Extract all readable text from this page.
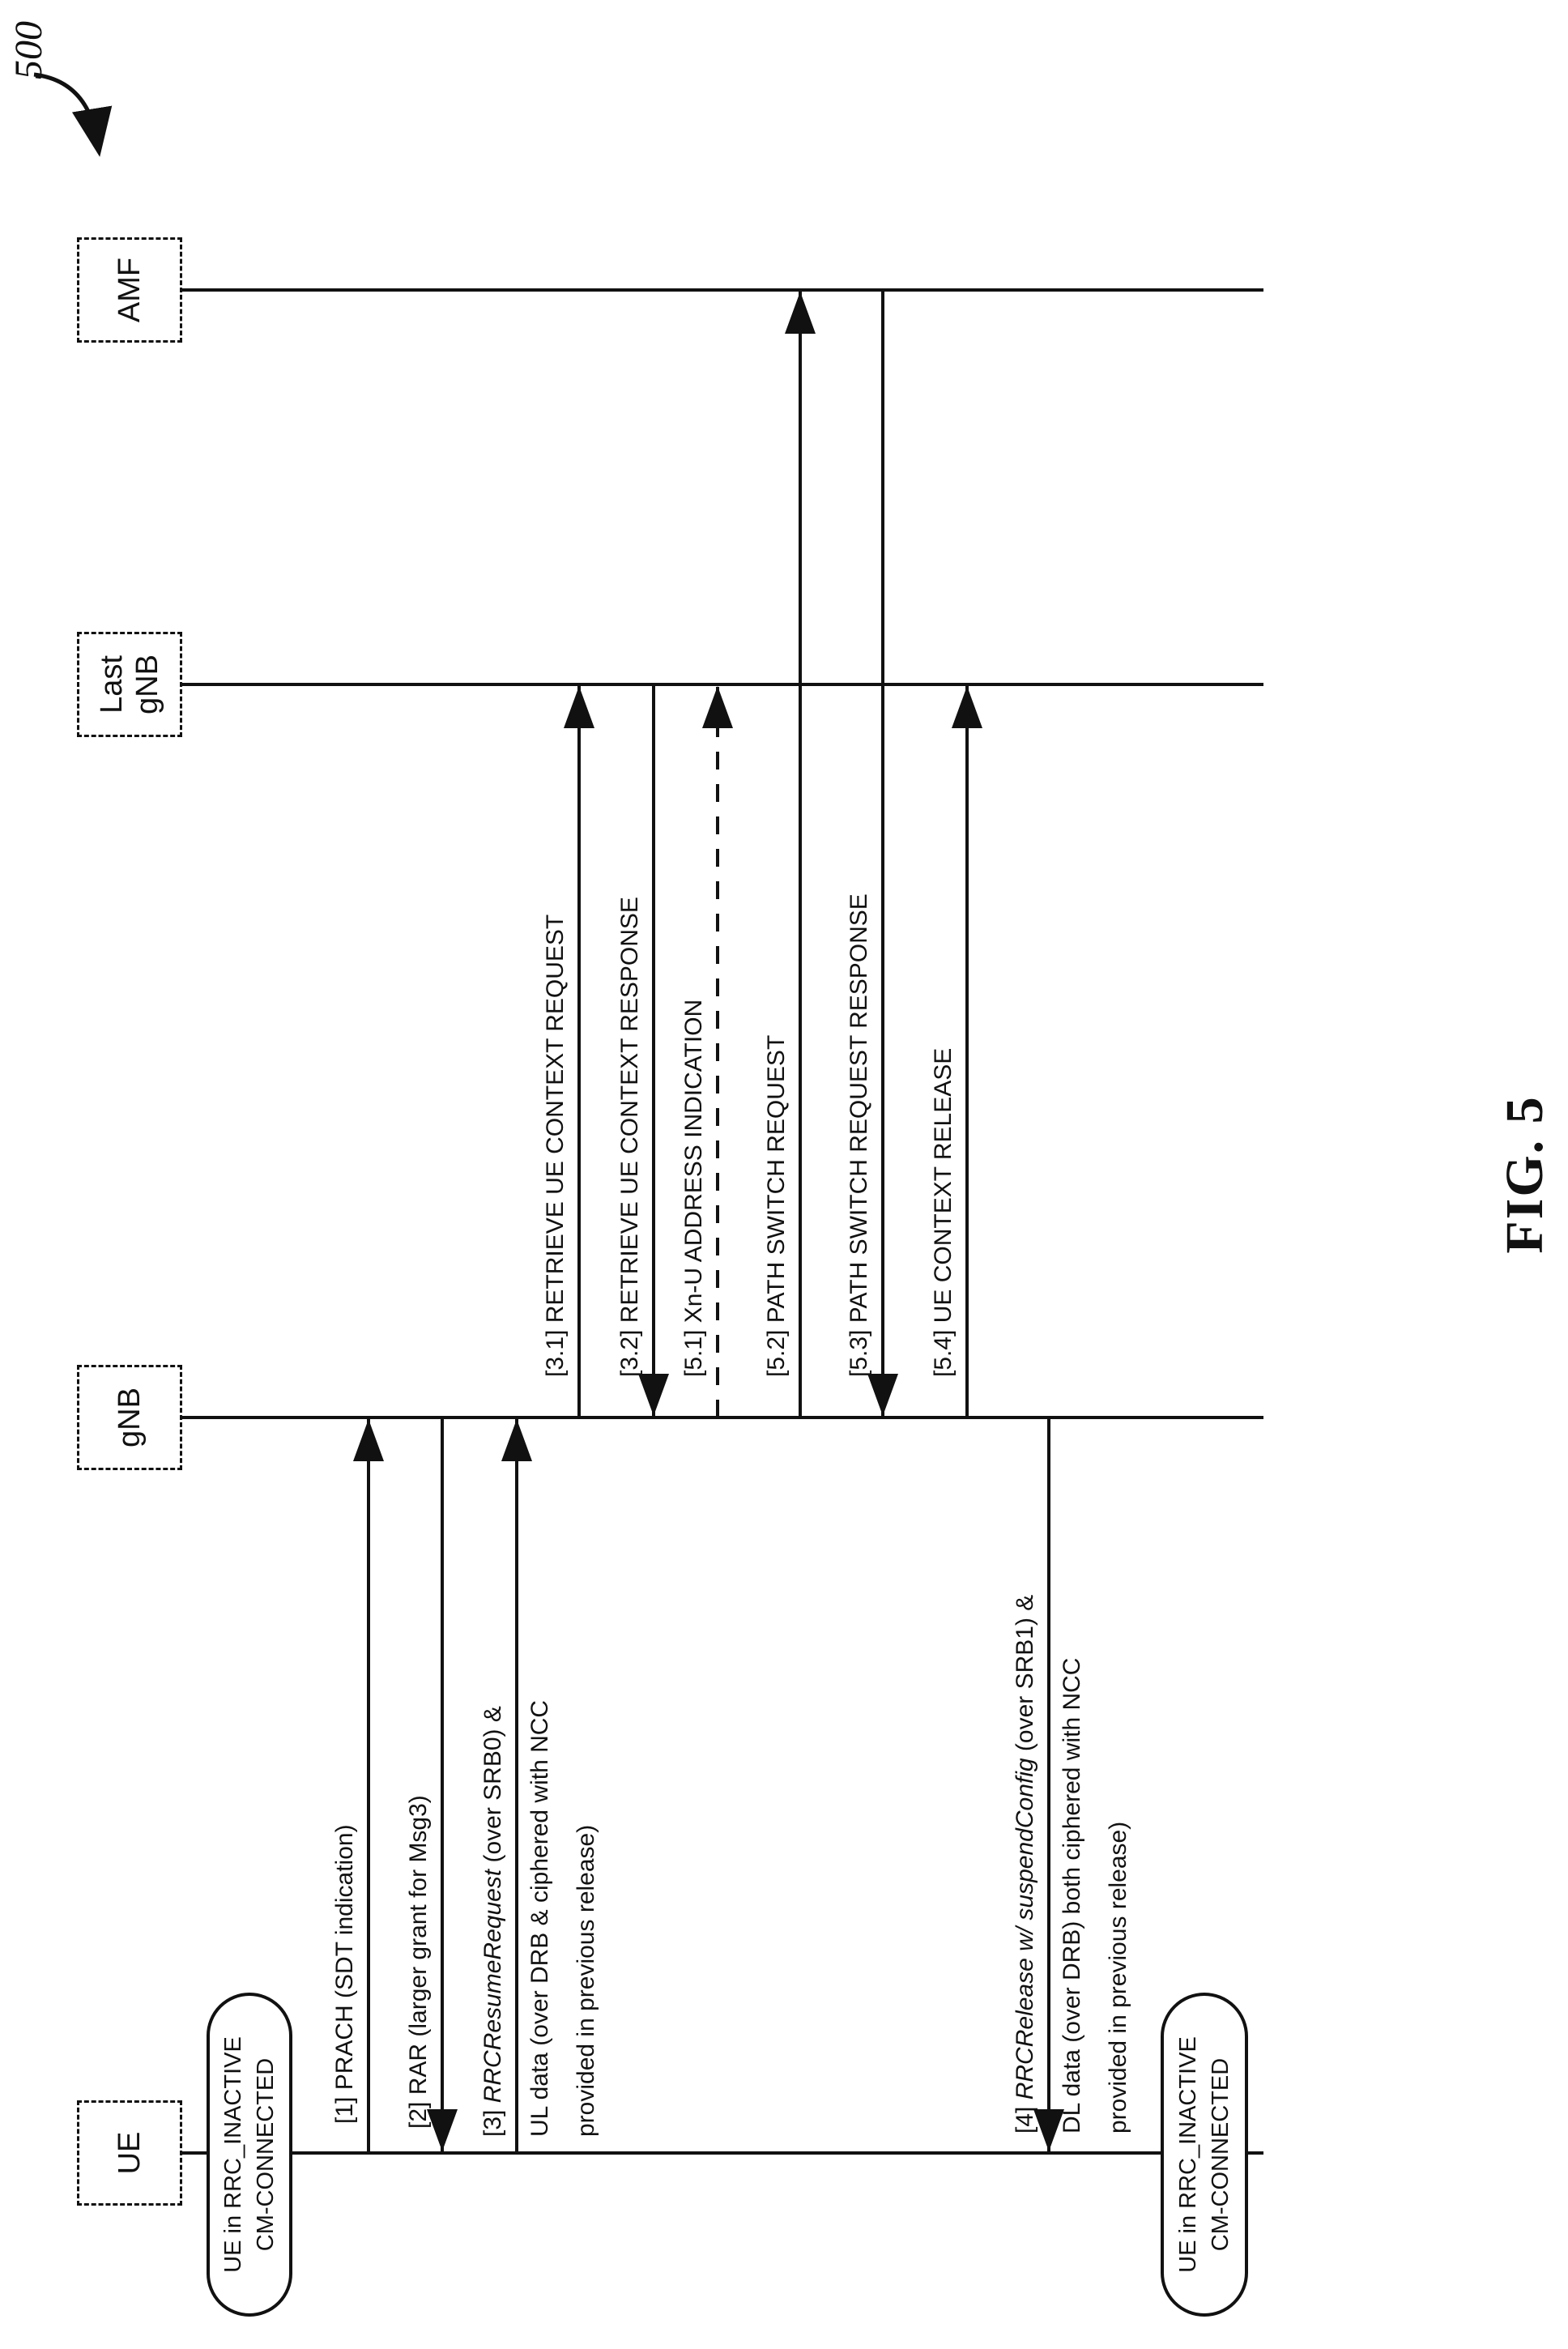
FIG. 5
500
UE
gNB
Last
gNB
AMF
UE in RRC_INACTIVE CM-CONNECTED	UE in RRC_INACTIVE CM-CONNECTED
[1] PRACH (SDT indication) [2] RAR (larger grant for Msg3) [3] RRCResumeRequest (over SRB0) & UL data (over DRB & ciphered with NCC provided in previous release)
[3.1] RETRIEVE UE CONTEXT REQUEST [3.2] RETRIEVE UE CONTEXT RESPONSE [5.1] Xn-U ADDRESS INDICATION [5.2] PATH SWITCH REQUEST [5.3] PATH SWITCH REQUEST RESPONSE [5.4] UE CONTEXT RELEASE
[4] RRCRelease w/ suspendConfig (over SRB1) & DL data (over DRB) both ciphered with NCC provided in previous release)
